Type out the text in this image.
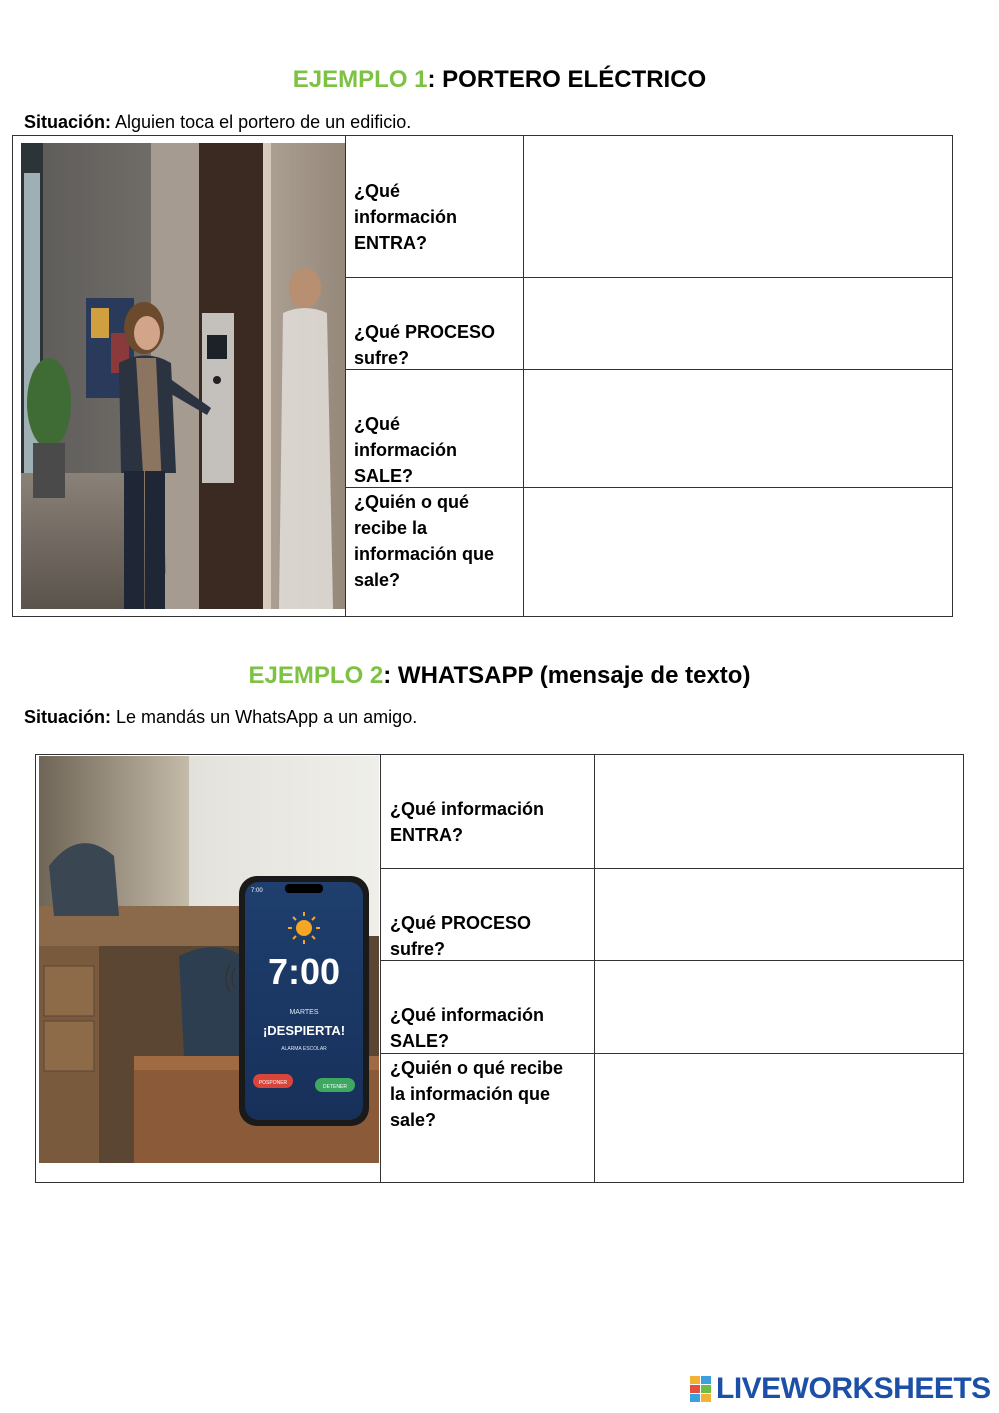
EJEMPLO 1: PORTERO ELÉCTRICO
Situación: Alguien toca el portero de un edificio.
¿Qué
información
ENTRA?
¿Qué PROCESO
sufre?
¿Qué
información
SALE?
¿Quién o qué
recibe la
información que
sale?
EJEMPLO 2: WHATSAPP (mensaje de texto)
Situación: Le mandás un WhatsApp a un amigo.
¿Qué información
ENTRA?
¿Qué PROCESO
sufre?
¿Qué información
SALE?
¿Quién o qué recibe
la información que
sale?
7:00
7:00
MARTES
¡DESPIERTA!
ALARMA ESCOLAR
POSPONER
DETENER
LIVEWORKSHEETS
